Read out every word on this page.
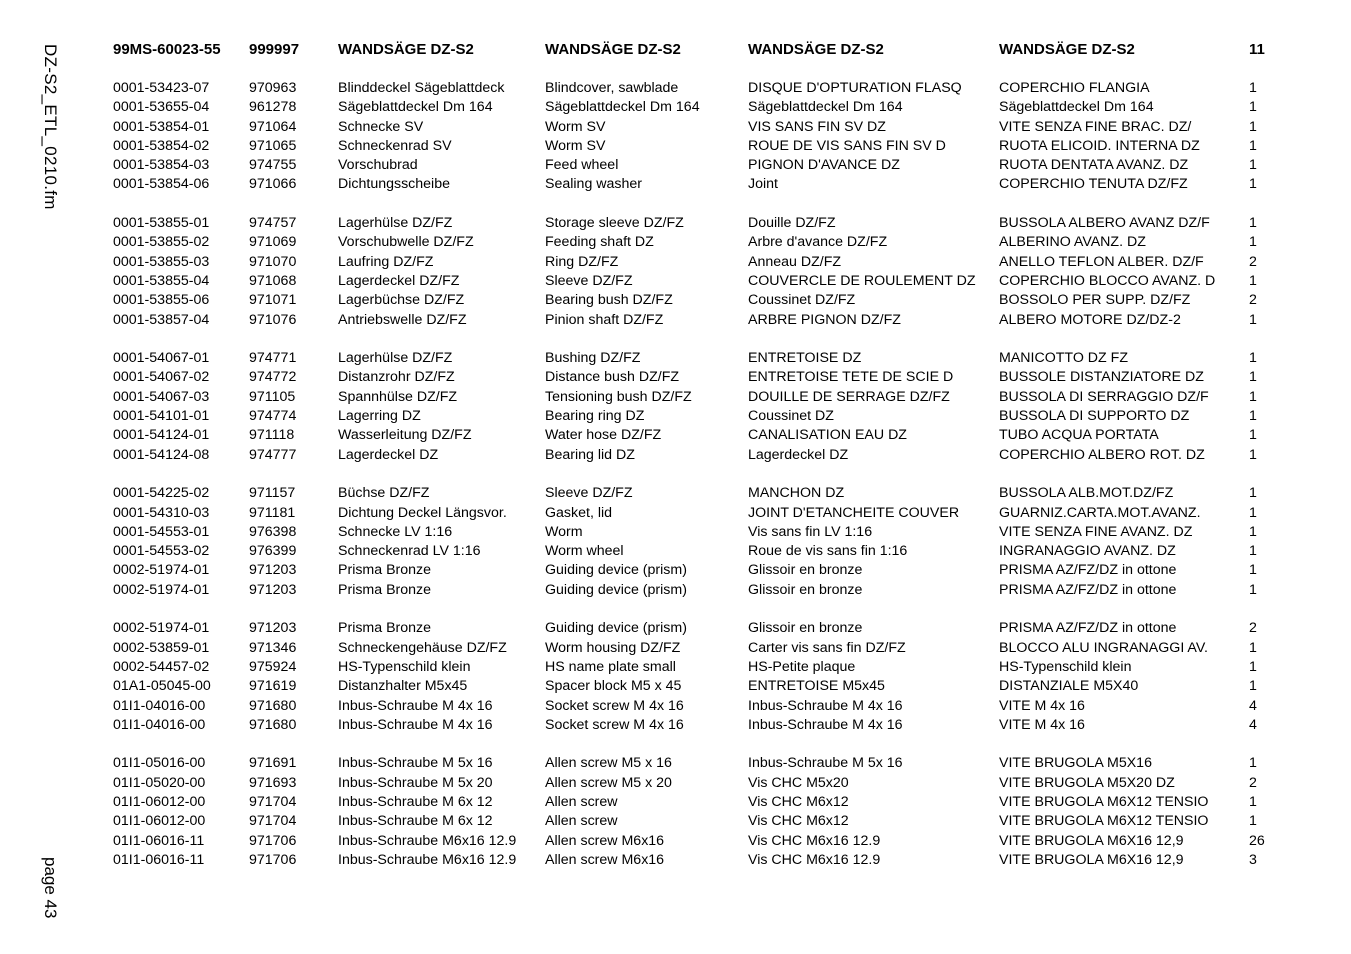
DZ-S2_ETL_0210.fm
page 43
99MS-60023-55	999997	WANDSÄGE DZ-S2	WANDSÄGE DZ-S2	WANDSÄGE DZ-S2	WANDSÄGE DZ-S2	11
0001-53423-07	970963	Blinddeckel Sägeblattdeck	Blindcover, sawblade	DISQUE D'OPTURATION FLASQ	COPERCHIO FLANGIA	1
0001-53655-04	961278	Sägeblattdeckel Dm 164	Sägeblattdeckel Dm 164	Sägeblattdeckel Dm 164	Sägeblattdeckel Dm 164	1
0001-53854-01	971064	Schnecke SV	Worm SV	VIS SANS FIN SV DZ	VITE SENZA FINE BRAC. DZ/	1
0001-53854-02	971065	Schneckenrad SV	Worm SV	ROUE DE VIS SANS FIN SV D	RUOTA ELICOID. INTERNA DZ	1
0001-53854-03	974755	Vorschubrad	Feed wheel	PIGNON D'AVANCE DZ	RUOTA DENTATA AVANZ. DZ	1
0001-53854-06	971066	Dichtungsscheibe	Sealing washer	Joint	COPERCHIO TENUTA DZ/FZ	1
0001-53855-01	974757	Lagerhülse DZ/FZ	Storage sleeve DZ/FZ	Douille DZ/FZ	BUSSOLA ALBERO AVANZ DZ/F	1
0001-53855-02	971069	Vorschubwelle DZ/FZ	Feeding shaft DZ	Arbre d'avance DZ/FZ	ALBERINO AVANZ. DZ	1
0001-53855-03	971070	Laufring DZ/FZ	Ring DZ/FZ	Anneau DZ/FZ	ANELLO TEFLON ALBER. DZ/F	2
0001-53855-04	971068	Lagerdeckel DZ/FZ	Sleeve DZ/FZ	COUVERCLE DE ROULEMENT DZ	COPERCHIO BLOCCO AVANZ. D	1
0001-53855-06	971071	Lagerbüchse DZ/FZ	Bearing bush DZ/FZ	Coussinet DZ/FZ	BOSSOLO PER SUPP. DZ/FZ	2
0001-53857-04	971076	Antriebswelle DZ/FZ	Pinion shaft DZ/FZ	ARBRE PIGNON DZ/FZ	ALBERO MOTORE DZ/DZ-2	1
0001-54067-01	974771	Lagerhülse DZ/FZ	Bushing DZ/FZ	ENTRETOISE DZ	MANICOTTO DZ FZ	1
0001-54067-02	974772	Distanzrohr DZ/FZ	Distance bush DZ/FZ	ENTRETOISE TETE DE SCIE D	BUSSOLE DISTANZIATORE DZ	1
0001-54067-03	971105	Spannhülse DZ/FZ	Tensioning bush DZ/FZ	DOUILLE DE SERRAGE DZ/FZ	BUSSOLA DI SERRAGGIO DZ/F	1
0001-54101-01	974774	Lagerring DZ	Bearing ring DZ	Coussinet DZ	BUSSOLA DI SUPPORTO DZ	1
0001-54124-01	971118	Wasserleitung DZ/FZ	Water hose DZ/FZ	CANALISATION EAU DZ	TUBO ACQUA PORTATA	1
0001-54124-08	974777	Lagerdeckel DZ	Bearing lid DZ	Lagerdeckel DZ	COPERCHIO ALBERO ROT. DZ	1
0001-54225-02	971157	Büchse DZ/FZ	Sleeve DZ/FZ	MANCHON DZ	BUSSOLA ALB.MOT.DZ/FZ	1
0001-54310-03	971181	Dichtung Deckel Längsvor.	Gasket, lid	JOINT D'ETANCHEITE COUVER	GUARNIZ.CARTA.MOT.AVANZ.	1
0001-54553-01	976398	Schnecke LV 1:16	Worm	Vis sans fin LV 1:16	VITE SENZA FINE AVANZ. DZ	1
0001-54553-02	976399	Schneckenrad LV 1:16	Worm wheel	Roue de vis sans fin 1:16	INGRANAGGIO AVANZ. DZ	1
0002-51974-01	971203	Prisma Bronze	Guiding device (prism)	Glissoir en bronze	PRISMA AZ/FZ/DZ in ottone	1
0002-51974-01	971203	Prisma Bronze	Guiding device (prism)	Glissoir en bronze	PRISMA AZ/FZ/DZ in ottone	1
0002-51974-01	971203	Prisma Bronze	Guiding device (prism)	Glissoir en bronze	PRISMA AZ/FZ/DZ in ottone	2
0002-53859-01	971346	Schneckengehäuse DZ/FZ	Worm housing DZ/FZ	Carter vis sans fin DZ/FZ	BLOCCO ALU INGRANAGGI AV.	1
0002-54457-02	975924	HS-Typenschild klein	HS name plate small	HS-Petite plaque	HS-Typenschild klein	1
01A1-05045-00	971619	Distanzhalter M5x45	Spacer block M5 x 45	ENTRETOISE M5x45	DISTANZIALE M5X40	1
01I1-04016-00	971680	Inbus-Schraube M 4x 16	Socket screw M 4x 16	Inbus-Schraube M 4x 16	VITE M 4x 16	4
01I1-04016-00	971680	Inbus-Schraube M 4x 16	Socket screw M 4x 16	Inbus-Schraube M 4x 16	VITE M 4x 16	4
01I1-05016-00	971691	Inbus-Schraube M 5x 16	Allen screw M5 x 16	Inbus-Schraube M 5x 16	VITE BRUGOLA M5X16	1
01I1-05020-00	971693	Inbus-Schraube M 5x 20	Allen screw M5 x 20	Vis CHC M5x20	VITE BRUGOLA M5X20 DZ	2
01I1-06012-00	971704	Inbus-Schraube M 6x 12	Allen screw	Vis CHC M6x12	VITE BRUGOLA M6X12 TENSIO	1
01I1-06012-00	971704	Inbus-Schraube M 6x 12	Allen screw	Vis CHC M6x12	VITE BRUGOLA M6X12 TENSIO	1
01I1-06016-11	971706	Inbus-Schraube M6x16 12.9	Allen screw M6x16	Vis CHC M6x16 12.9	VITE BRUGOLA M6X16 12,9	26
01I1-06016-11	971706	Inbus-Schraube M6x16 12.9	Allen screw M6x16	Vis CHC M6x16 12.9	VITE BRUGOLA M6X16 12,9	3
